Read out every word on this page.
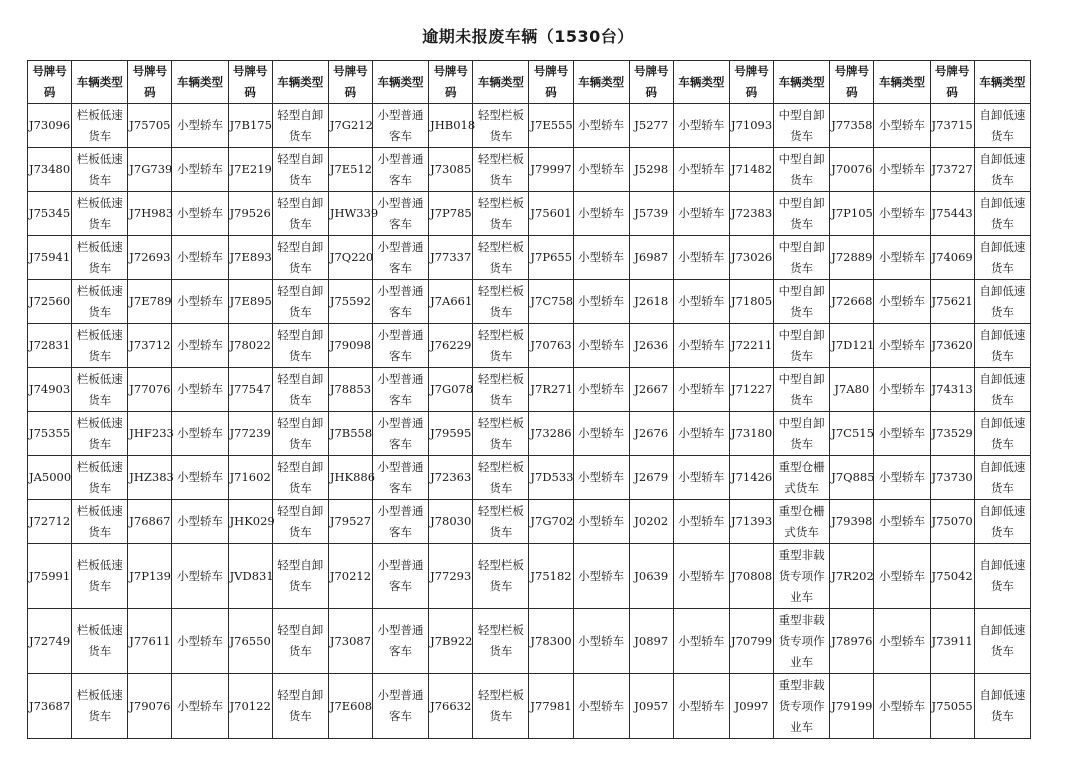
逾期未报废车辆（1530台）
号牌号码	车辆类型	号牌号码	车辆类型	号牌号码	车辆类型	号牌号码	车辆类型	号牌号码	车辆类型	号牌号码	车辆类型	号牌号码	车辆类型	号牌号码	车辆类型	号牌号码	车辆类型	号牌号码	车辆类型
J73096	栏板低速货车	J75705	小型轿车	J7B175	轻型自卸货车	J7G212	小型普通客车	JHB018	轻型栏板货车	J7E555	小型轿车	J5277	小型轿车	J71093	中型自卸货车	J77358	小型轿车	J73715	自卸低速货车
J73480	栏板低速货车	J7G739	小型轿车	J7E219	轻型自卸货车	J7E512	小型普通客车	J73085	轻型栏板货车	J79997	小型轿车	J5298	小型轿车	J71482	中型自卸货车	J70076	小型轿车	J73727	自卸低速货车
J75345	栏板低速货车	J7H983	小型轿车	J79526	轻型自卸货车	JHW339	小型普通客车	J7P785	轻型栏板货车	J75601	小型轿车	J5739	小型轿车	J72383	中型自卸货车	J7P105	小型轿车	J75443	自卸低速货车
J75941	栏板低速货车	J72693	小型轿车	J7E893	轻型自卸货车	J7Q220	小型普通客车	J77337	轻型栏板货车	J7P655	小型轿车	J6987	小型轿车	J73026	中型自卸货车	J72889	小型轿车	J74069	自卸低速货车
J72560	栏板低速货车	J7E789	小型轿车	J7E895	轻型自卸货车	J75592	小型普通客车	J7A661	轻型栏板货车	J7C758	小型轿车	J2618	小型轿车	J71805	中型自卸货车	J72668	小型轿车	J75621	自卸低速货车
J72831	栏板低速货车	J73712	小型轿车	J78022	轻型自卸货车	J79098	小型普通客车	J76229	轻型栏板货车	J70763	小型轿车	J2636	小型轿车	J72211	中型自卸货车	J7D121	小型轿车	J73620	自卸低速货车
J74903	栏板低速货车	J77076	小型轿车	J77547	轻型自卸货车	J78853	小型普通客车	J7G078	轻型栏板货车	J7R271	小型轿车	J2667	小型轿车	J71227	中型自卸货车	J7A80	小型轿车	J74313	自卸低速货车
J75355	栏板低速货车	JHF233	小型轿车	J77239	轻型自卸货车	J7B558	小型普通客车	J79595	轻型栏板货车	J73286	小型轿车	J2676	小型轿车	J73180	中型自卸货车	J7C515	小型轿车	J73529	自卸低速货车
JA5000	栏板低速货车	JHZ383	小型轿车	J71602	轻型自卸货车	JHK886	小型普通客车	J72363	轻型栏板货车	J7D533	小型轿车	J2679	小型轿车	J71426	重型仓栅式货车	J7Q885	小型轿车	J73730	自卸低速货车
J72712	栏板低速货车	J76867	小型轿车	JHK029	轻型自卸货车	J79527	小型普通客车	J78030	轻型栏板货车	J7G702	小型轿车	J0202	小型轿车	J71393	重型仓栅式货车	J79398	小型轿车	J75070	自卸低速货车
J75991	栏板低速货车	J7P139	小型轿车	JVD831	轻型自卸货车	J70212	小型普通客车	J77293	轻型栏板货车	J75182	小型轿车	J0639	小型轿车	J70808	重型非载货专项作业车	J7R202	小型轿车	J75042	自卸低速货车
J72749	栏板低速货车	J77611	小型轿车	J76550	轻型自卸货车	J73087	小型普通客车	J7B922	轻型栏板货车	J78300	小型轿车	J0897	小型轿车	J70799	重型非载货专项作业车	J78976	小型轿车	J73911	自卸低速货车
J73687	栏板低速货车	J79076	小型轿车	J70122	轻型自卸货车	J7E608	小型普通客车	J76632	轻型栏板货车	J77981	小型轿车	J0957	小型轿车	J0997	重型非载货专项作业车	J79199	小型轿车	J75055	自卸低速货车
